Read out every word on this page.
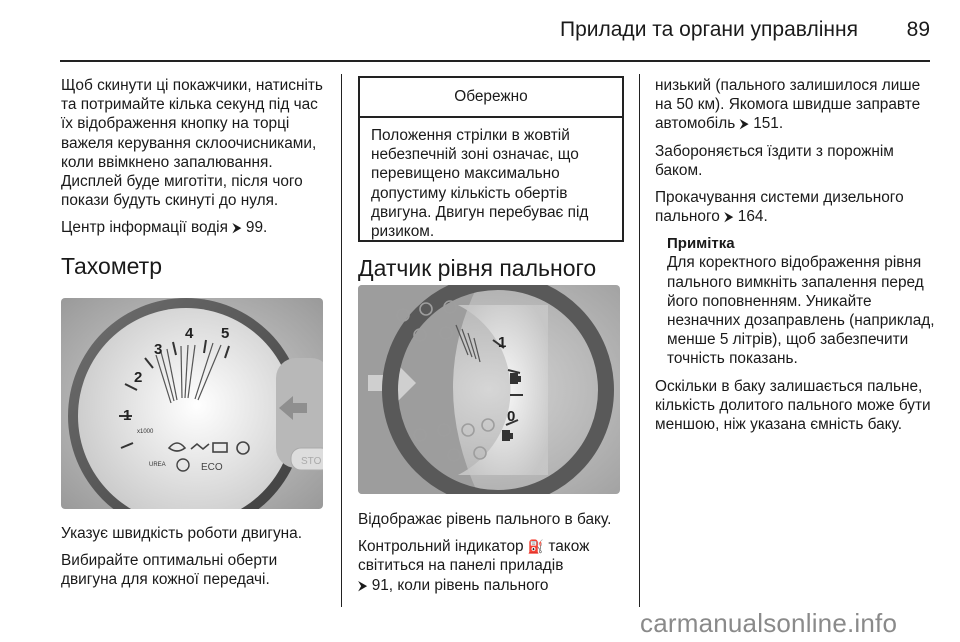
Прилади та органи управління	89

Щоб скинути ці покажчики, натисніть та потримайте кілька секунд під час їх відображення кнопку на торці важеля керування склоочисниками, коли ввімкнено запалювання. Дисплей буде миготіти, після чого покази будуть скинуті до нуля.

Центр інформації водія ⮞ 99.

Тахометр
1
2
3
4 5
x1000
UREA	ECO
STO

Указує швидкість роботи двигуна.

Вибирайте оптимальні оберти двигуна для кожної передачі.

Обережно
Положення стрілки в жовтій небезпечній зоні означає, що перевищено максимально допустиму кількість обертів двигуна. Двигун перебуває під ризиком.
Датчик рівня пального
1
0

Відображає рівень пального в баку.

Контрольний індикатор ⛽ також світиться на панелі приладів
⮞ 91, коли рівень пального

низький (пального залишилося лише на 50 км). Якомога швидше заправте автомобіль ⮞ 151.

Забороняється їздити з порожнім баком.

Прокачування системи дизельного пального ⮞ 164.

Примітка
Для коректного відображення рівня пального вимкніть запалення перед його поповненням. Уникайте незначних дозаправлень (наприклад, менше 5 літрів), щоб забезпечити точність показань.

Оскільки в баку залишається пальне, кількість долитого пального може бути меншою, ніж указана ємність баку.

carmanualsonline.info
